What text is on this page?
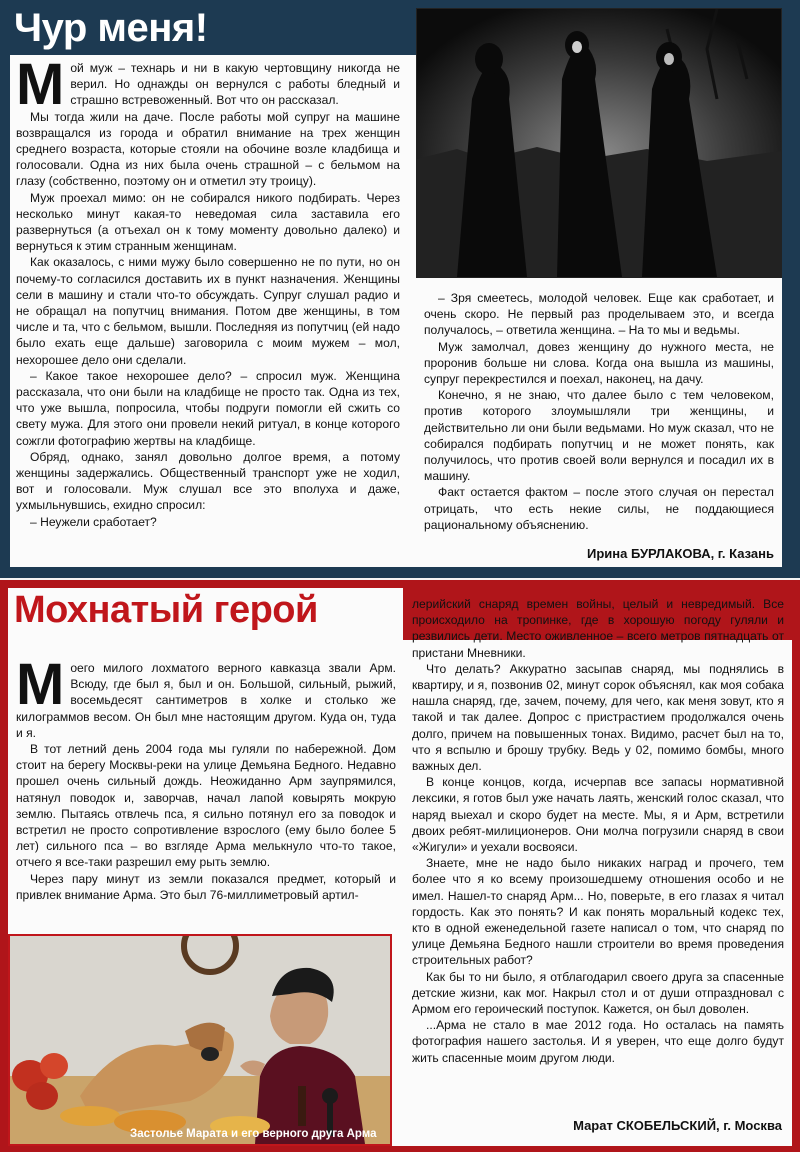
Чур меня!

Мой муж – технарь и ни в какую чертовщину никогда не верил. Но однажды он вернулся с работы бледный и страшно встревоженный. Вот что он рассказал.

Мы тогда жили на даче. После работы мой супруг на машине возвращался из города и обратил внимание на трех женщин среднего возраста, которые стояли на обочине возле кладбища и голосовали. Одна из них была очень страшной – с бельмом на глазу (собственно, поэтому он и отметил эту троицу).

Муж проехал мимо: он не собирался никого подбирать. Через несколько минут какая-то неведомая сила заставила его развернуться (а отъехал он к тому моменту довольно далеко) и вернуться к этим странным женщинам.

Как оказалось, с ними мужу было совершенно не по пути, но он почему-то согласился доставить их в пункт назначения. Женщины сели в машину и стали что-то обсуждать. Супруг слушал радио и не обращал на попутчиц внимания. Потом две женщины, в том числе и та, что с бельмом, вышли. Последняя из попутчиц (ей надо было ехать еще дальше) заговорила с моим мужем – мол, нехорошее дело они сделали.

– Какое такое нехорошее дело? – спросил муж. Женщина рассказала, что они были на кладбище не просто так. Одна из тех, что уже вышла, попросила, чтобы подруги помогли ей сжить со свету мужа. Для этого они провели некий ритуал, в конце которого сожгли фотографию жертвы на кладбище.

Обряд, однако, занял довольно долгое время, а потому женщины задержались. Общественный транспорт уже не ходил, вот и голосовали. Муж слушал все это вполуха и даже, ухмыльнувшись, ехидно спросил:

– Неужели сработает?

– Зря смеетесь, молодой человек. Еще как сработает, и очень скоро. Не первый раз проделываем это, и всегда получалось, – ответила женщина. – На то мы и ведьмы.

Муж замолчал, довез женщину до нужного места, не проронив больше ни слова. Когда она вышла из машины, супруг перекрестился и поехал, наконец, на дачу.

Конечно, я не знаю, что далее было с тем человеком, против которого злоумышляли три женщины, и действительно ли они были ведьмами. Но муж сказал, что не собирался подбирать попутчиц и не может понять, как получилось, что против своей воли вернулся и посадил их в машину.

Факт остается фактом – после этого случая он перестал отрицать, что есть некие силы, не поддающиеся рациональному объяснению.

Ирина БУРЛАКОВА, г. Казань
Мохнатый герой	лерийский снаряд времен войны, целый и невредимый. Все происходило на тропинке, где в хорошую погоду гуляли и резвились дети. Место оживленное – всего метров пятнадцать от пристани Мневники.

Что делать? Аккуратно засыпав снаряд, мы поднялись в квартиру, и я, позвонив 02, минут сорок объяснял, как моя собака нашла снаряд, где, зачем, почему, для чего, как меня зовут, кто я такой и так далее. Допрос с пристрастием продолжался очень долго, причем на повышенных тонах. Видимо, расчет был на то, что я вспылю и брошу трубку. Ведь у 02, помимо бомбы, много важных дел.

В конце концов, когда, исчерпав все запасы нормативной лексики, я готов был уже начать лаять, женский голос сказал, что наряд выехал и скоро будет на месте. Мы, я и Арм, встретили двоих ребят-милиционеров. Они молча погрузили снаряд в свои «Жигули» и уехали восвояси.

Знаете, мне не надо было никаких наград и прочего, тем более что я ко всему произошедшему отношения особо и не имел. Нашел-то снаряд Арм... Но, поверьте, в его глазах я читал гордость. Как это понять? И как понять моральный кодекс тех, кто в одной еженедельной газете написал о том, что снаряд по улице Демьяна Бедного нашли строители во время проведения строительных работ?

Как бы то ни было, я отблагодарил своего друга за спасенные детские жизни, как мог. Накрыл стол и от души отпраздновал с Армом его героический поступок. Кажется, он был доволен.

...Арма не стало в мае 2012 года. Но осталась на память фотография нашего застолья. И я уверен, что еще долго будут жить спасенные моим другом люди.

Моего милого лохматого верного кавказца звали Арм. Всюду, где был я, был и он. Большой, сильный, рыжий, восемьдесят сантиметров в холке и столько же килограммов весом. Он был мне настоящим другом. Куда он, туда и я.

В тот летний день 2004 года мы гуляли по набережной. Дом стоит на берегу Москвы-реки на улице Демьяна Бедного. Недавно прошел очень сильный дождь. Неожиданно Арм заупрямился, натянул поводок и, заворчав, начал лапой ковырять мокрую землю. Пытаясь отвлечь пса, я сильно потянул его за поводок и встретил не просто сопротивление взрослого (ему было более 5 лет) сильного пса – во взгляде Арма мелькнуло что-то такое, отчего я все-таки разрешил ему рыть землю.

Через пару минут из земли показался предмет, который и привлек внимание Арма. Это был 76-миллиметровый артил-

Застолье Марата и его верного друга Арма
Марат СКОБЕЛЬСКИЙ, г. Москва
